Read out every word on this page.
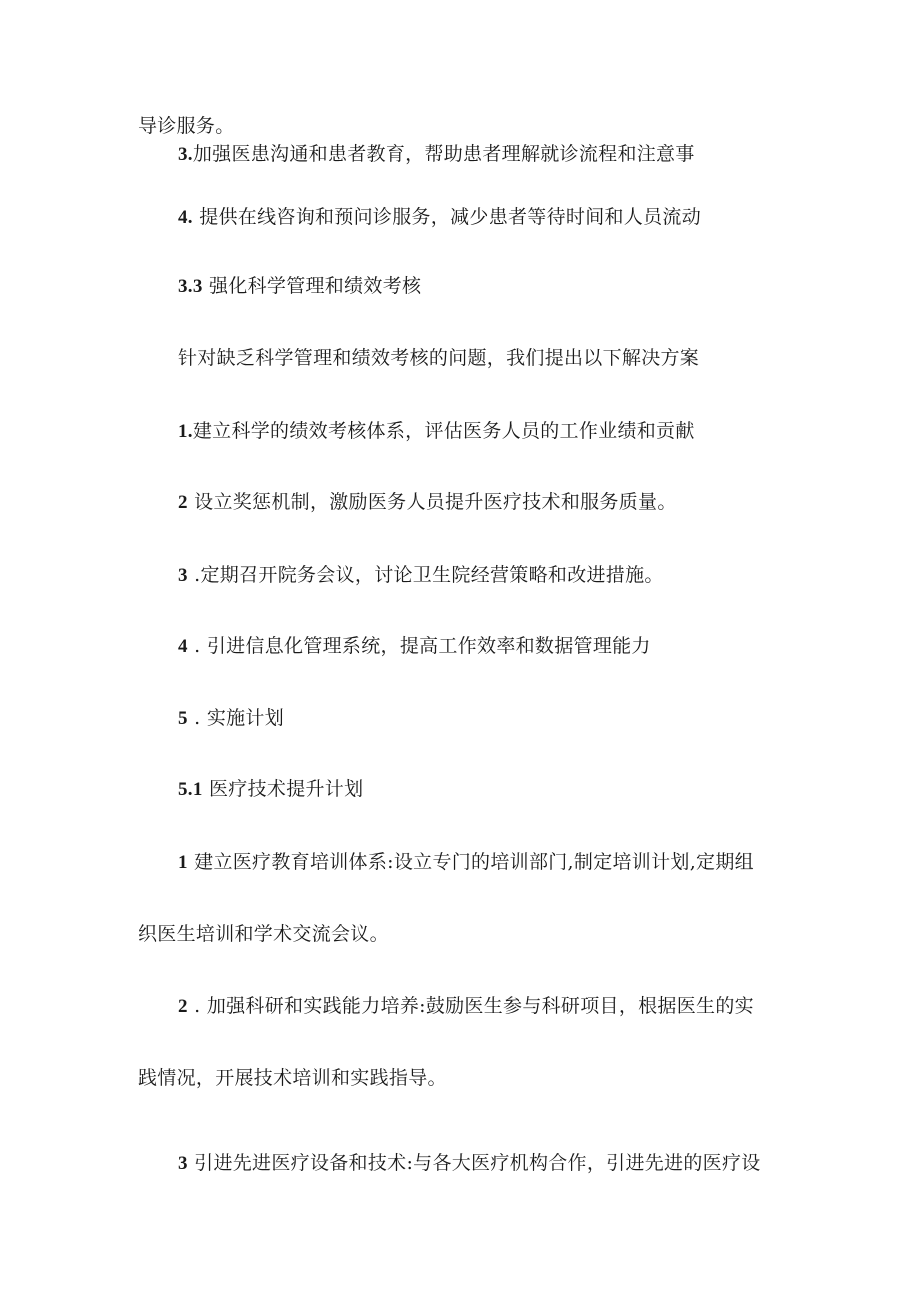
导诊服务。
3.加强医患沟通和患者教育，帮助患者理解就诊流程和注意事
4. 提供在线咨询和预问诊服务，减少患者等待时间和人员流动
3.3 强化科学管理和绩效考核
针对缺乏科学管理和绩效考核的问题，我们提出以下解决方案
1.建立科学的绩效考核体系，评估医务人员的工作业绩和贡献
2 设立奖惩机制，激励医务人员提升医疗技术和服务质量。
3 .定期召开院务会议，讨论卫生院经营策略和改进措施。
4 . 引进信息化管理系统，提高工作效率和数据管理能力
5 . 实施计划
5.1 医疗技术提升计划
1 建立医疗教育培训体系:设立专门的培训部门,制定培训计划,定期组
织医生培训和学术交流会议。
2 . 加强科研和实践能力培养:鼓励医生参与科研项目，根据医生的实
践情况，开展技术培训和实践指导。
3 引进先进医疗设备和技术:与各大医疗机构合作，引进先进的医疗设
